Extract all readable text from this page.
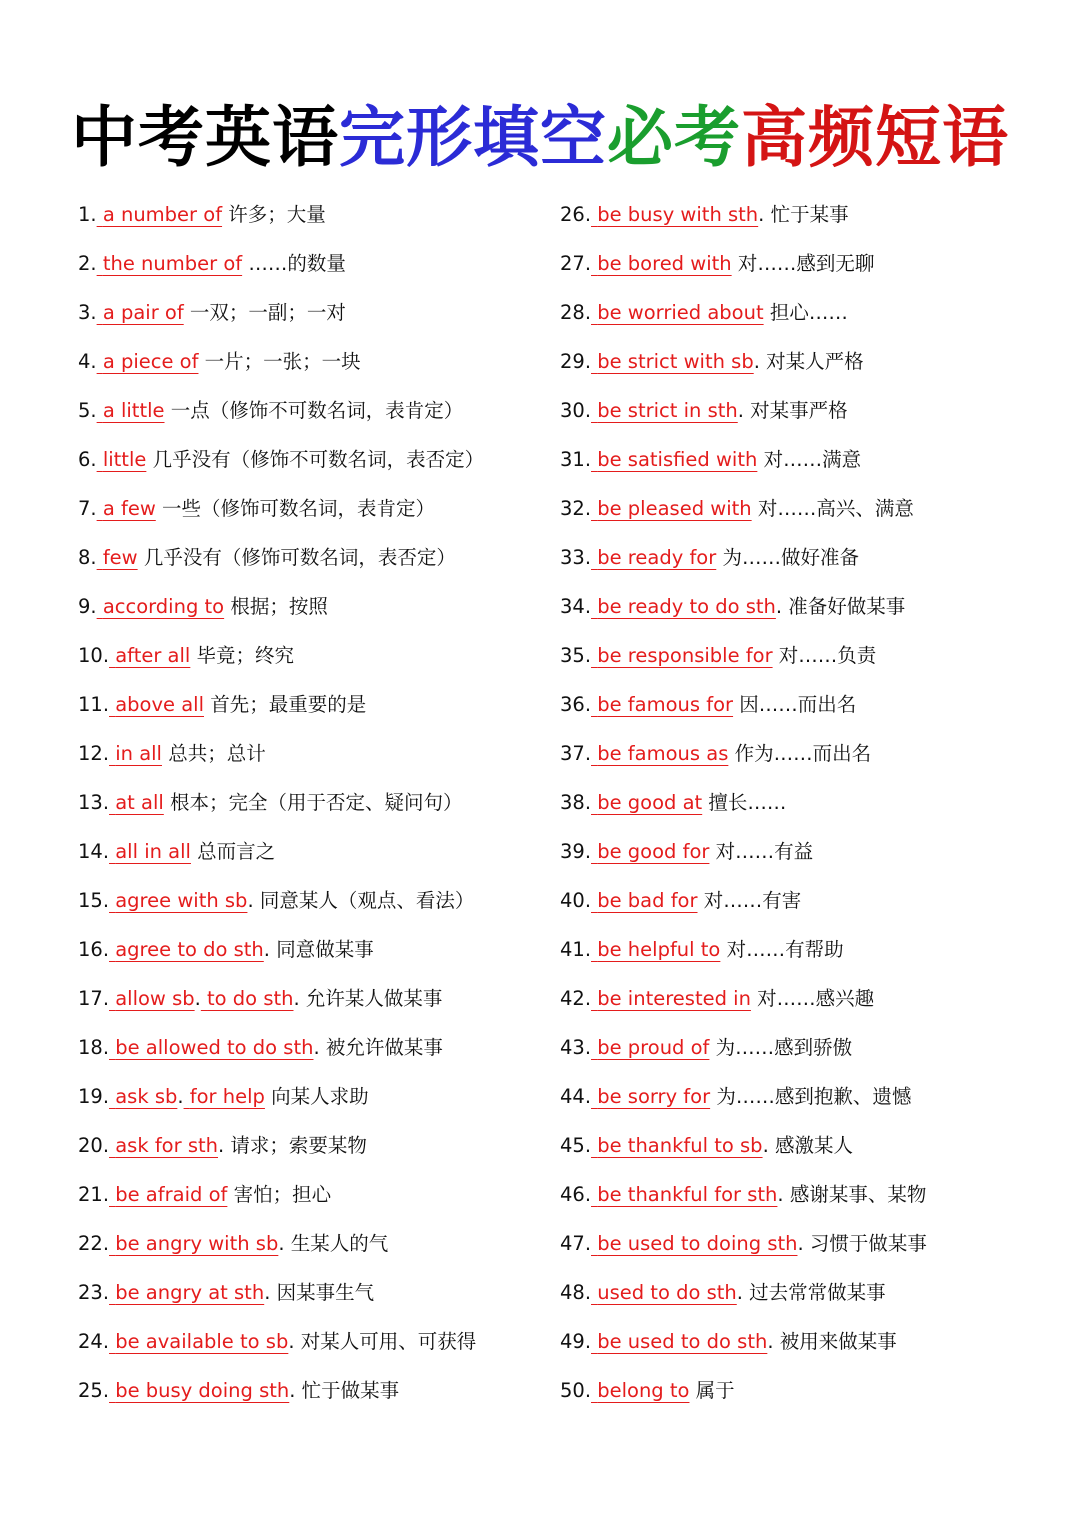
中考英语完形填空必考高频短语
1. a number of 许多；大量
2. the number of ……的数量
3. a pair of 一双；一副；一对
4. a piece of 一片；一张；一块
5. a little 一点（修饰不可数名词，表肯定）
6. little 几乎没有（修饰不可数名词，表否定）
7. a few 一些（修饰可数名词，表肯定）
8. few 几乎没有（修饰可数名词，表否定）
9. according to 根据；按照
10. after all 毕竟；终究
11. above all 首先；最重要的是
12. in all 总共；总计
13. at all 根本；完全（用于否定、疑问句）
14. all in all 总而言之
15. agree with sb. 同意某人（观点、看法）
16. agree to do sth. 同意做某事
17. allow sb. to do sth. 允许某人做某事
18. be allowed to do sth. 被允许做某事
19. ask sb. for help 向某人求助
20. ask for sth. 请求；索要某物
21. be afraid of 害怕；担心
22. be angry with sb. 生某人的气
23. be angry at sth. 因某事生气
24. be available to sb. 对某人可用、可获得
25. be busy doing sth. 忙于做某事
26. be busy with sth. 忙于某事
27. be bored with 对……感到无聊
28. be worried about 担心……
29. be strict with sb. 对某人严格
30. be strict in sth. 对某事严格
31. be satisfied with 对……满意
32. be pleased with 对……高兴、满意
33. be ready for 为……做好准备
34. be ready to do sth. 准备好做某事
35. be responsible for 对……负责
36. be famous for 因……而出名
37. be famous as 作为……而出名
38. be good at 擅长……
39. be good for 对……有益
40. be bad for 对……有害
41. be helpful to 对……有帮助
42. be interested in 对……感兴趣
43. be proud of 为……感到骄傲
44. be sorry for 为……感到抱歉、遗憾
45. be thankful to sb. 感激某人
46. be thankful for sth. 感谢某事、某物
47. be used to doing sth. 习惯于做某事
48. used to do sth. 过去常常做某事
49. be used to do sth. 被用来做某事
50. belong to 属于
